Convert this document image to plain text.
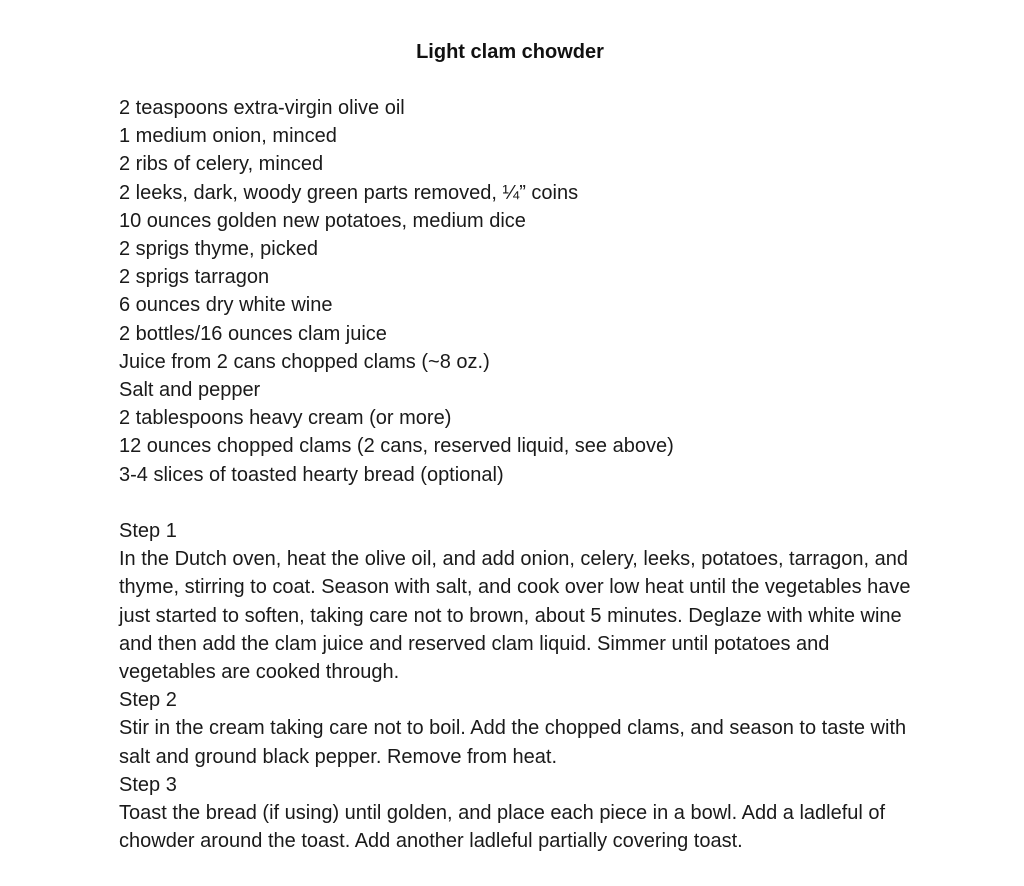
Light clam chowder
2 teaspoons extra-virgin olive oil
1 medium onion, minced
2 ribs of celery, minced
2 leeks, dark, woody green parts removed, ¼” coins
10 ounces golden new potatoes, medium dice
2 sprigs thyme, picked
2 sprigs tarragon
6 ounces dry white wine
2 bottles/16 ounces clam juice
Juice from 2 cans chopped clams (~8 oz.)
Salt and pepper
2 tablespoons heavy cream (or more)
12 ounces chopped clams (2 cans, reserved liquid, see above)
3-4 slices of toasted hearty bread (optional)

Step 1

In the Dutch oven, heat the olive oil, and add onion, celery, leeks, potatoes, tarragon, and thyme, stirring to coat. Season with salt, and cook over low heat until the vegetables have just started to soften, taking care not to brown, about 5 minutes. Deglaze with white wine and then add the clam juice and reserved clam liquid. Simmer until potatoes and vegetables are cooked through.

Step 2

Stir in the cream taking care not to boil. Add the chopped clams, and season to taste with salt and ground black pepper. Remove from heat.

Step 3

Toast the bread (if using) until golden, and place each piece in a bowl. Add a ladleful of chowder around the toast. Add another ladleful partially covering toast.
